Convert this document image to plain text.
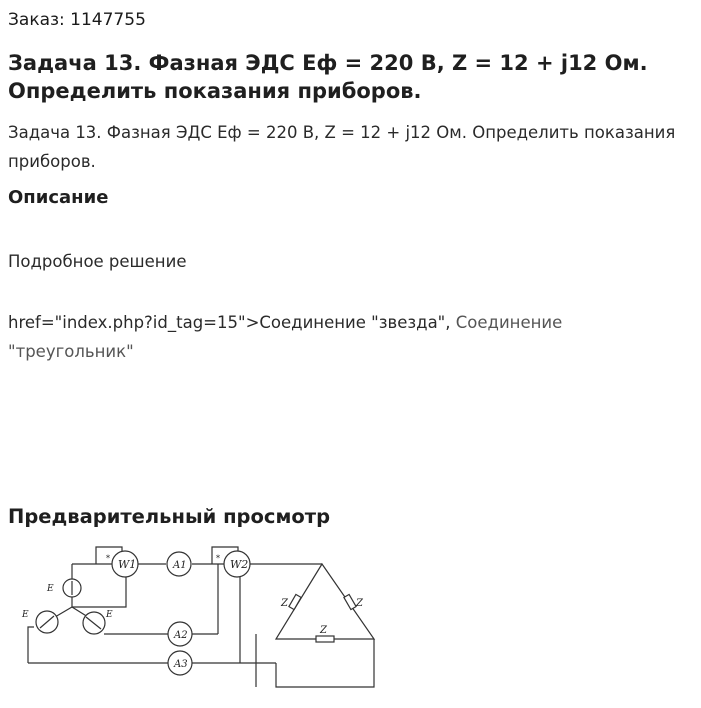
Заказ: 1147755
Задача 13. Фазная ЭДС Еф = 220 В, Z = 12 + j12 Ом. Определить показания приборов.
Задача 13. Фазная ЭДС Еф = 220 В, Z = 12 + j12 Ом. Определить показания приборов.
Описание
Подробное решение
href="index.php?id_tag=15">Соединение "звезда", Соединение "треугольник"
Предварительный просмотр
W1	A1	W2
A2
A3
E
E	E
Z	Z
Z
*	*
